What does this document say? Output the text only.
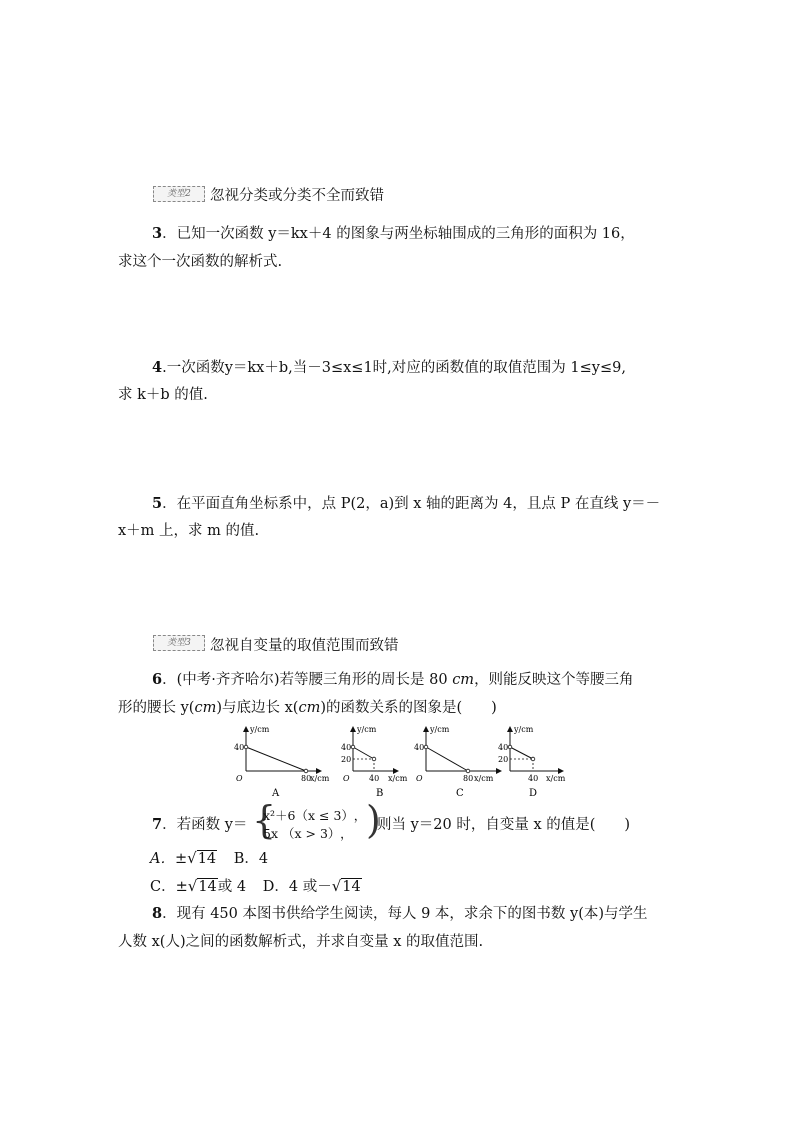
类型2	忽视分类或分类不全而致错
3．已知一次函数 y＝kx＋4 的图象与两坐标轴围成的三角形的面积为 16，
求这个一次函数的解析式.
4.一次函数y＝kx＋b,当－3≤x≤1时,对应的函数值的取值范围为 1≤y≤9,
求 k＋b 的值.
5．在平面直角坐标系中，点 P(2，a)到 x 轴的距离为 4，且点 P 在直线 y＝－
x＋m 上，求 m 的值.
类型3	忽视自变量的取值范围而致错
6．(中考·齐齐哈尔)若等腰三角形的周长是 80 cm，则能反映这个等腰三角
形的腰长 y(cm)与底边长 x(cm)的函数关系的图象是(　　)
y/cm
40
O	80
x/cm
A
y/cm
40
20
O 40 x/cm
B
y/cm
40
O	80 x/cm
C
y/cm
40
20
40 x/cm
D
7．若函数 y＝ {
x²＋6（x ≤ 3） ，
5x （x > 3） ， )
则当 y＝20 时，自变量 x 的值是(　　)
A．±√14 B．4
C．±√14或 4 D．4 或－√14
8．现有 450 本图书供给学生阅读，每人 9 本，求余下的图书数 y(本)与学生
人数 x(人)之间的函数解析式，并求自变量 x 的取值范围.
